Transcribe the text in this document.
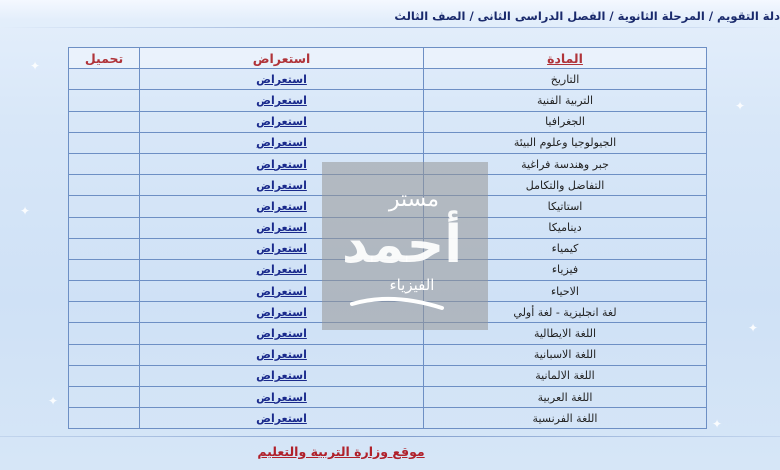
✦
✦
✦
✦
✦
✦
دلة التقويم / المرحلة الثانوية / الفصل الدراسى الثانى / الصف الثالث
المادة	استعراض	تحميل
التاريخ	استعراض	
التربية الفنية	استعراض	
الجغرافيا	استعراض	
الجيولوجيا وعلوم البيئة	استعراض	
جبر وهندسة فراغية	استعراض	
التفاضل والتكامل	استعراض	
استاتيكا	استعراض	
ديناميكا	استعراض	
كيمياء	استعراض	
فيزياء	استعراض	
الاحياء	استعراض	
لغة انجليزية - لغة أولي	استعراض	
اللغة الايطالية	استعراض	
اللغة الاسبانية	استعراض	
اللغة الالمانية	استعراض	
اللغة العربية	استعراض	
اللغة الفرنسية	استعراض	
مستر
أحمد
الفيزياء
موقع وزارة التربية والتعليم
